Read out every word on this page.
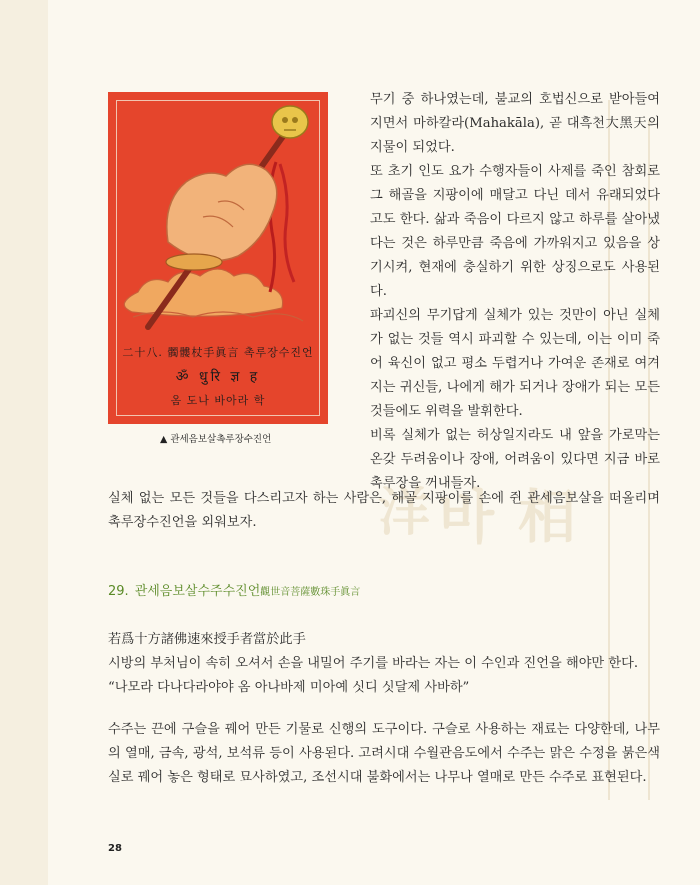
바 相
洋
二十八. 髑髏杖手眞言 촉루장수진언
ॐ धुरि ज्ञ ह
옴 도나 바아라 학
▲ 관세음보살촉루장수진언

무기 중 하나였는데, 불교의 호법신으로 받아들여지면서 마하칼라(Mahakāla), 곧 대흑천大黑天의 지물이 되었다.

또 초기 인도 요가 수행자들이 사제를 죽인 참회로 그 해골을 지팡이에 매달고 다닌 데서 유래되었다고도 한다. 삶과 죽음이 다르지 않고 하루를 살아냈다는 것은 하루만큼 죽음에 가까워지고 있음을 상기시켜, 현재에 충실하기 위한 상징으로도 사용된다.

파괴신의 무기답게 실체가 있는 것만이 아닌 실체가 없는 것들 역시 파괴할 수 있는데, 이는 이미 죽어 육신이 없고 평소 두렵거나 가여운 존재로 여겨지는 귀신들, 나에게 해가 되거나 장애가 되는 모든 것들에도 위력을 발휘한다.

비록 실체가 없는 허상일지라도 내 앞을 가로막는 온갖 두려움이나 장애, 어려움이 있다면 지금 바로 촉루장을 꺼내들자.

실체 없는 모든 것들을 다스리고자 하는 사람은, 해골 지팡이를 손에 쥔 관세음보살을 떠올리며 촉루장수진언을 외워보자.

29. 관세음보살수주수진언觀世音菩薩數珠手眞言

若爲十方諸佛速來授手者當於此手

시방의 부처님이 속히 오셔서 손을 내밀어 주기를 바라는 자는 이 수인과 진언을 해야만 한다.

“나모라 다나다라야야 옴 아나바제 미아예 싯디 싯달제 사바하”

수주는 끈에 구슬을 꿰어 만든 기물로 신행의 도구이다. 구슬로 사용하는 재료는 다양한데, 나무의 열매, 금속, 광석, 보석류 등이 사용된다. 고려시대 수월관음도에서 수주는 맑은 수정을 붉은색 실로 꿰어 놓은 형태로 묘사하였고, 조선시대 불화에서는 나무나 열매로 만든 수주로 표현된다.

28
